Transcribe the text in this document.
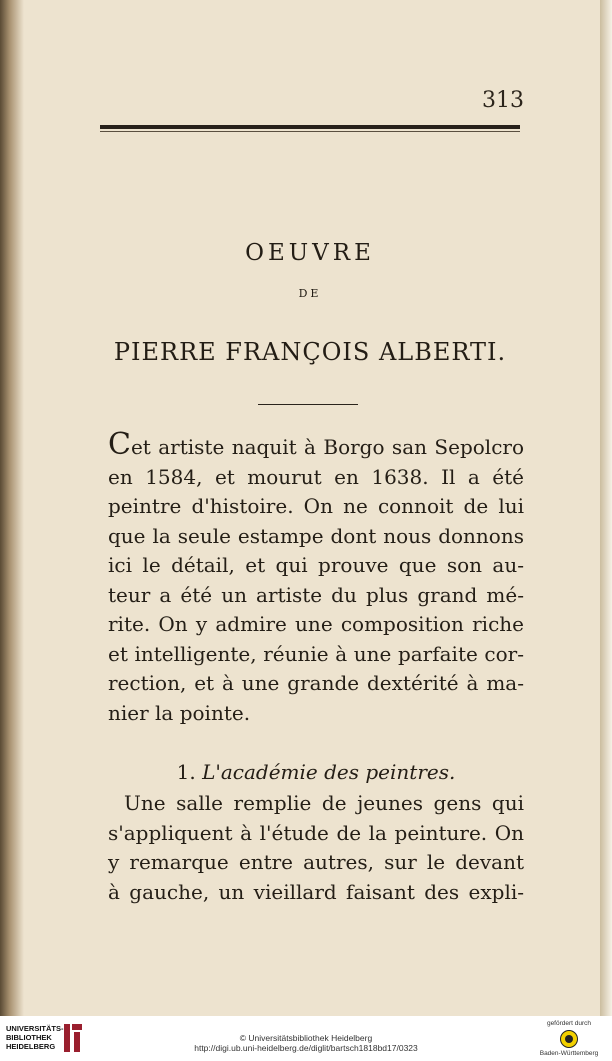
313
OEUVRE
DE
PIERRE FRANÇOIS ALBERTI.
Cet artiste naquit à Borgo san Sepolcro
en 1584, et mourut en 1638. Il a été
peintre d'histoire. On ne connoit de lui
que la seule estampe dont nous donnons
ici le détail, et qui prouve que son au-
teur a été un artiste du plus grand mé-
rite. On y admire une composition riche
et intelligente, réunie à une parfaite cor-
rection, et à une grande dextérité à ma-
nier la pointe.
1. L'académie des peintres.
Une salle remplie de jeunes gens qui
s'appliquent à l'étude de la peinture. On
y remarque entre autres, sur le devant
à gauche, un vieillard faisant des expli-
UNIVERSITÄTS-
BIBLIOTHEK
HEIDELBERG
© Universitätsbibliothek Heidelberg
http://digi.ub.uni-heidelberg.de/diglit/bartsch1818bd17/0323
gefördert durch
Baden-Württemberg
